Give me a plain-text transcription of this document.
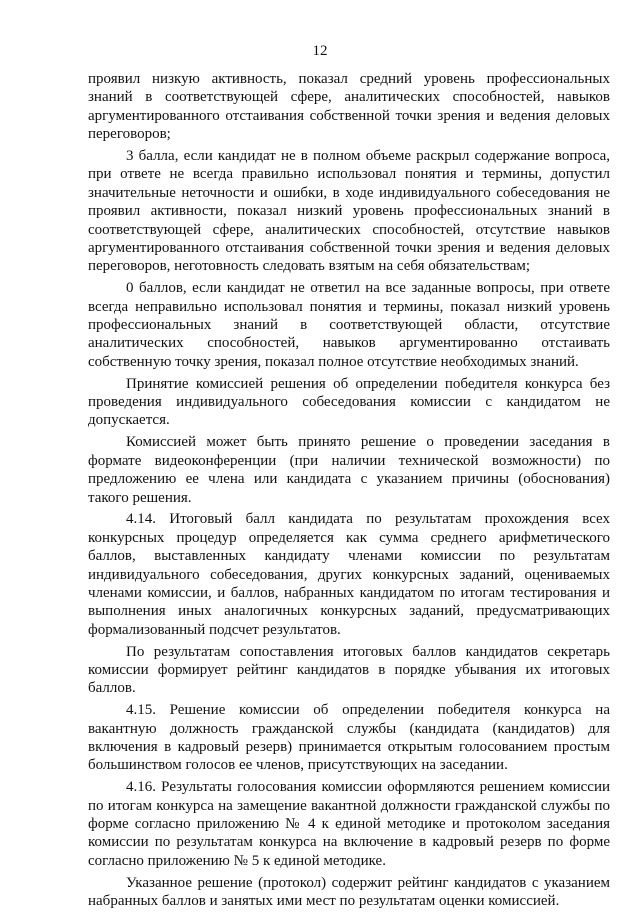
12

проявил низкую активность, показал средний уровень профессиональных знаний в соответствующей сфере, аналитических способностей, навыков аргументированного отстаивания собственной точки зрения и ведения деловых переговоров;

3 балла, если кандидат не в полном объеме раскрыл содержание вопроса, при ответе не всегда правильно использовал понятия и термины, допустил значительные неточности и ошибки, в ходе индивидуального собеседования не проявил активности, показал низкий уровень профессиональных знаний в соответствующей сфере, аналитических способностей, отсутствие навыков аргументированного отстаивания собственной точки зрения и ведения деловых переговоров, неготовность следовать взятым на себя обязательствам;

0 баллов, если кандидат не ответил на все заданные вопросы, при ответе всегда неправильно использовал понятия и термины, показал низкий уровень профессиональных знаний в соответствующей области, отсутствие аналитических способностей, навыков аргументированно отстаивать собственную точку зрения, показал полное отсутствие необходимых знаний.

Принятие комиссией решения об определении победителя конкурса без проведения индивидуального собеседования комиссии с кандидатом не допускается.

Комиссией может быть принято решение о проведении заседания в формате видеоконференции (при наличии технической возможности) по предложению ее члена или кандидата с указанием причины (обоснования) такого решения.

4.14. Итоговый балл кандидата по результатам прохождения всех конкурсных процедур определяется как сумма среднего арифметического баллов, выставленных кандидату членами комиссии по результатам индивидуального собеседования, других конкурсных заданий, оцениваемых членами комиссии, и баллов, набранных кандидатом по итогам тестирования и выполнения иных аналогичных конкурсных заданий, предусматривающих формализованный подсчет результатов.

По результатам сопоставления итоговых баллов кандидатов секретарь комиссии формирует рейтинг кандидатов в порядке убывания их итоговых баллов.

4.15. Решение комиссии об определении победителя конкурса на вакантную должность гражданской службы (кандидата (кандидатов) для включения в кадровый резерв) принимается открытым голосованием простым большинством голосов ее членов, присутствующих на заседании.

4.16. Результаты голосования комиссии оформляются решением комиссии по итогам конкурса на замещение вакантной должности гражданской службы по форме согласно приложению № 4 к единой методике и протоколом заседания комиссии по результатам конкурса на включение в кадровый резерв по форме согласно приложению № 5 к единой методике.

Указанное решение (протокол) содержит рейтинг кандидатов с указанием набранных баллов и занятых ими мест по результатам оценки комиссией.
